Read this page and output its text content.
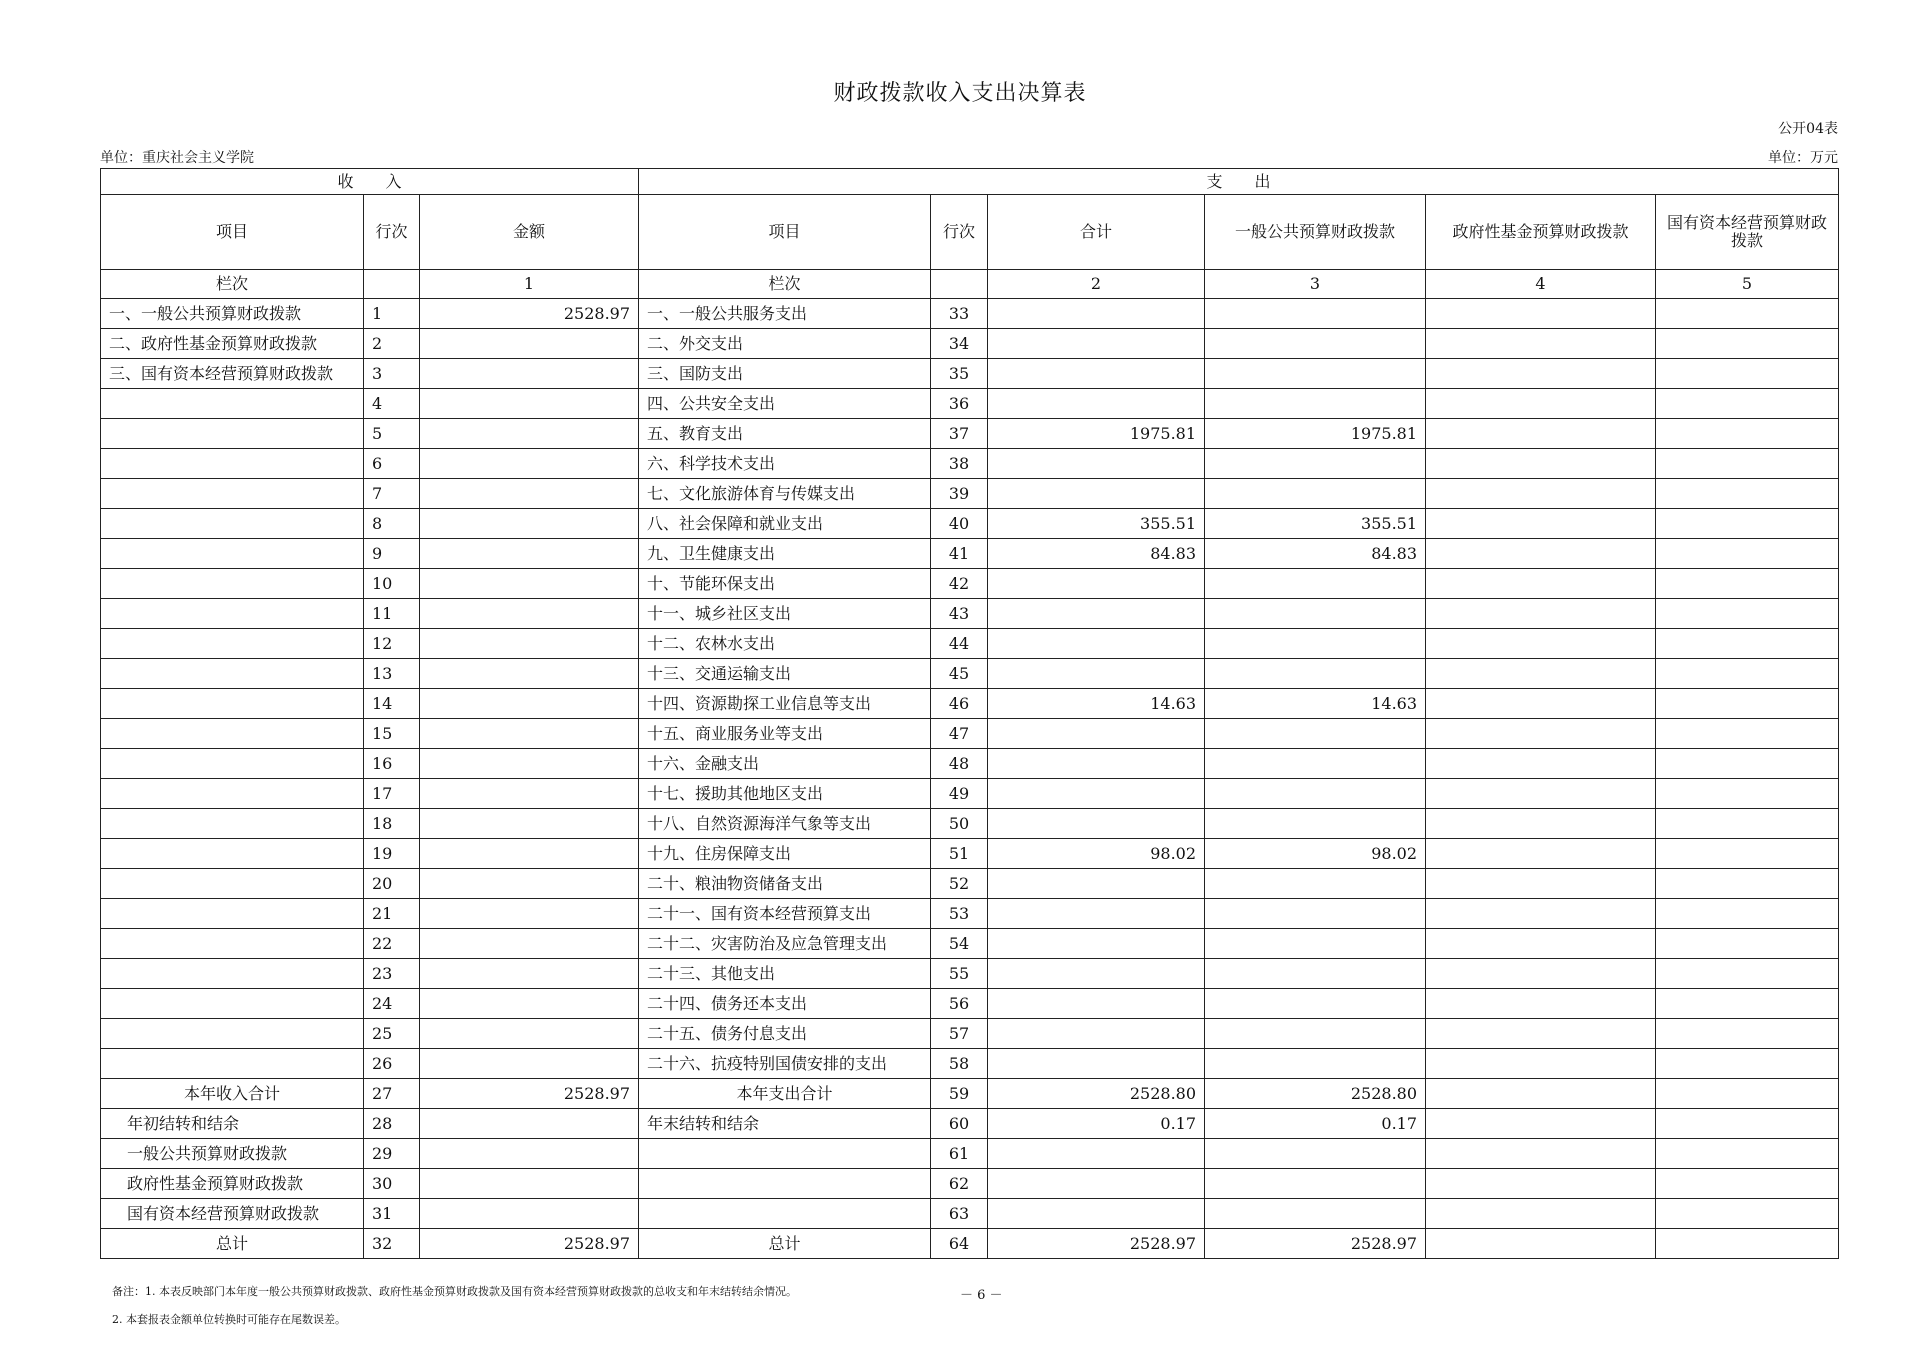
财政拨款收入支出决算表
公开04表
单位：重庆社会主义学院	单位：万元
收　　入			支　　出					
项目	行次	金额	项目	行次	合计	一般公共预算财政拨款	政府性基金预算财政拨款	国有资本经营预算财政拨款
栏次		1	栏次		2	3	4	5
一、一般公共预算财政拨款	1	2528.97	一、一般公共服务支出	33				
二、政府性基金预算财政拨款	2		二、外交支出	34				
三、国有资本经营预算财政拨款	3		三、国防支出	35				
	4		四、公共安全支出	36				
	5		五、教育支出	37	1975.81	1975.81		
	6		六、科学技术支出	38				
	7		七、文化旅游体育与传媒支出	39				
	8		八、社会保障和就业支出	40	355.51	355.51		
	9		九、卫生健康支出	41	84.83	84.83		
	10		十、节能环保支出	42				
	11		十一、城乡社区支出	43				
	12		十二、农林水支出	44				
	13		十三、交通运输支出	45				
	14		十四、资源勘探工业信息等支出	46	14.63	14.63		
	15		十五、商业服务业等支出	47				
	16		十六、金融支出	48				
	17		十七、援助其他地区支出	49				
	18		十八、自然资源海洋气象等支出	50				
	19		十九、住房保障支出	51	98.02	98.02		
	20		二十、粮油物资储备支出	52				
	21		二十一、国有资本经营预算支出	53				
	22		二十二、灾害防治及应急管理支出	54				
	23		二十三、其他支出	55				
	24		二十四、债务还本支出	56				
	25		二十五、债务付息支出	57				
	26		二十六、抗疫特别国债安排的支出	58				
本年收入合计	27	2528.97	本年支出合计	59	2528.80	2528.80		
年初结转和结余	28		年末结转和结余	60	0.17	0.17		
一般公共预算财政拨款	29			61				
政府性基金预算财政拨款	30			62				
国有资本经营预算财政拨款	31			63				
总计	32	2528.97	总计	64	2528.97	2528.97		
备注：1. 本表反映部门本年度一般公共预算财政拨款、政府性基金预算财政拨款及国有资本经营预算财政拨款的总收支和年末结转结余情况。
2. 本套报表金额单位转换时可能存在尾数误差。
－ 6 －
